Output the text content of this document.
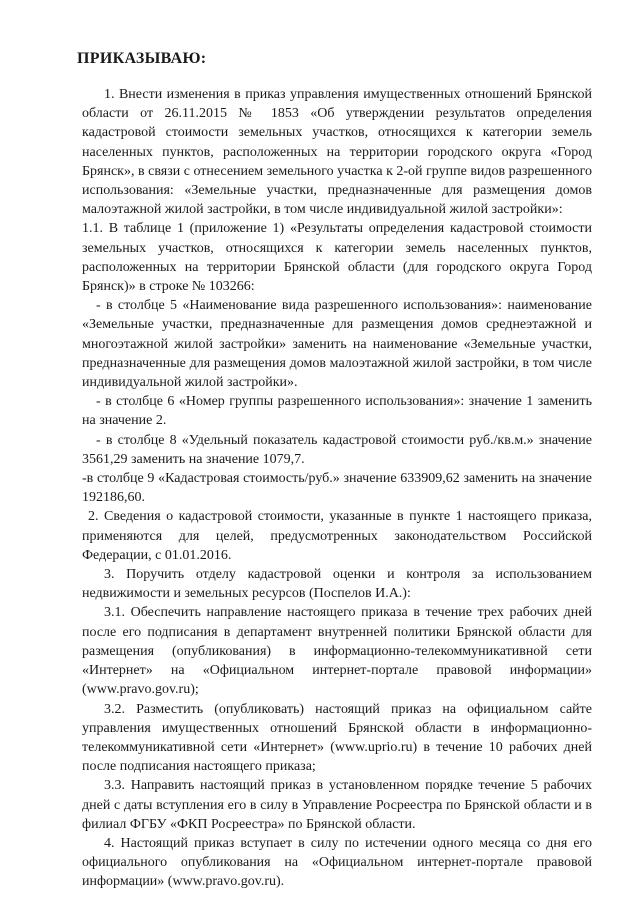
ПРИКАЗЫВАЮ:

1. Внести изменения в приказ управления имущественных отношений Брянской области от 26.11.2015 № 1853 «Об утверждении результатов определения кадастровой стоимости земельных участков, относящихся к категории земель населенных пунктов, расположенных на территории городского округа «Город Брянск», в связи с отнесением земельного участка к 2-ой группе видов разрешенного использования: «Земельные участки, предназначенные для размещения домов малоэтажной жилой застройки, в том числе индивидуальной жилой застройки»:

1.1. В таблице 1 (приложение 1) «Результаты определения кадастровой стоимости земельных участков, относящихся к категории земель населенных пунктов, расположенных на территории Брянской области (для городского округа Город Брянск)» в строке № 103266:

- в столбце 5 «Наименование вида разрешенного использования»: наименование «Земельные участки, предназначенные для размещения домов среднеэтажной и многоэтажной жилой застройки» заменить на наименование «Земельные участки, предназначенные для размещения домов малоэтажной жилой застройки, в том числе индивидуальной жилой застройки».

- в столбце 6 «Номер группы разрешенного использования»: значение 1 заменить на значение 2.

- в столбце 8 «Удельный показатель кадастровой стоимости руб./кв.м.» значение 3561,29 заменить на значение 1079,7.

-в столбце 9 «Кадастровая стоимость/руб.» значение 633909,62 заменить на значение 192186,60.

2. Сведения о кадастровой стоимости, указанные в пункте 1 настоящего приказа, применяются для целей, предусмотренных законодательством Российской Федерации, с 01.01.2016.

3. Поручить отделу кадастровой оценки и контроля за использованием недвижимости и земельных ресурсов (Поспелов И.А.):

3.1. Обеспечить направление настоящего приказа в течение трех рабочих дней после его подписания в департамент внутренней политики Брянской области для размещения (опубликования) в информационно-телекоммуникативной сети «Интернет» на «Официальном интернет-портале правовой информации» (www.pravo.gov.ru);

3.2. Разместить (опубликовать) настоящий приказ на официальном сайте управления имущественных отношений Брянской области в информационно-телекоммуникативной сети «Интернет» (www.uprio.ru) в течение 10 рабочих дней после подписания настоящего приказа;

3.3. Направить настоящий приказ в установленном порядке течение 5 рабочих дней с даты вступления его в силу в Управление Росреестра по Брянской области и в филиал ФГБУ «ФКП Росреестра» по Брянской области.

4. Настоящий приказ вступает в силу по истечении одного месяца со дня его официального опубликования на «Официальном интернет-портале правовой информации» (www.pravo.gov.ru).
